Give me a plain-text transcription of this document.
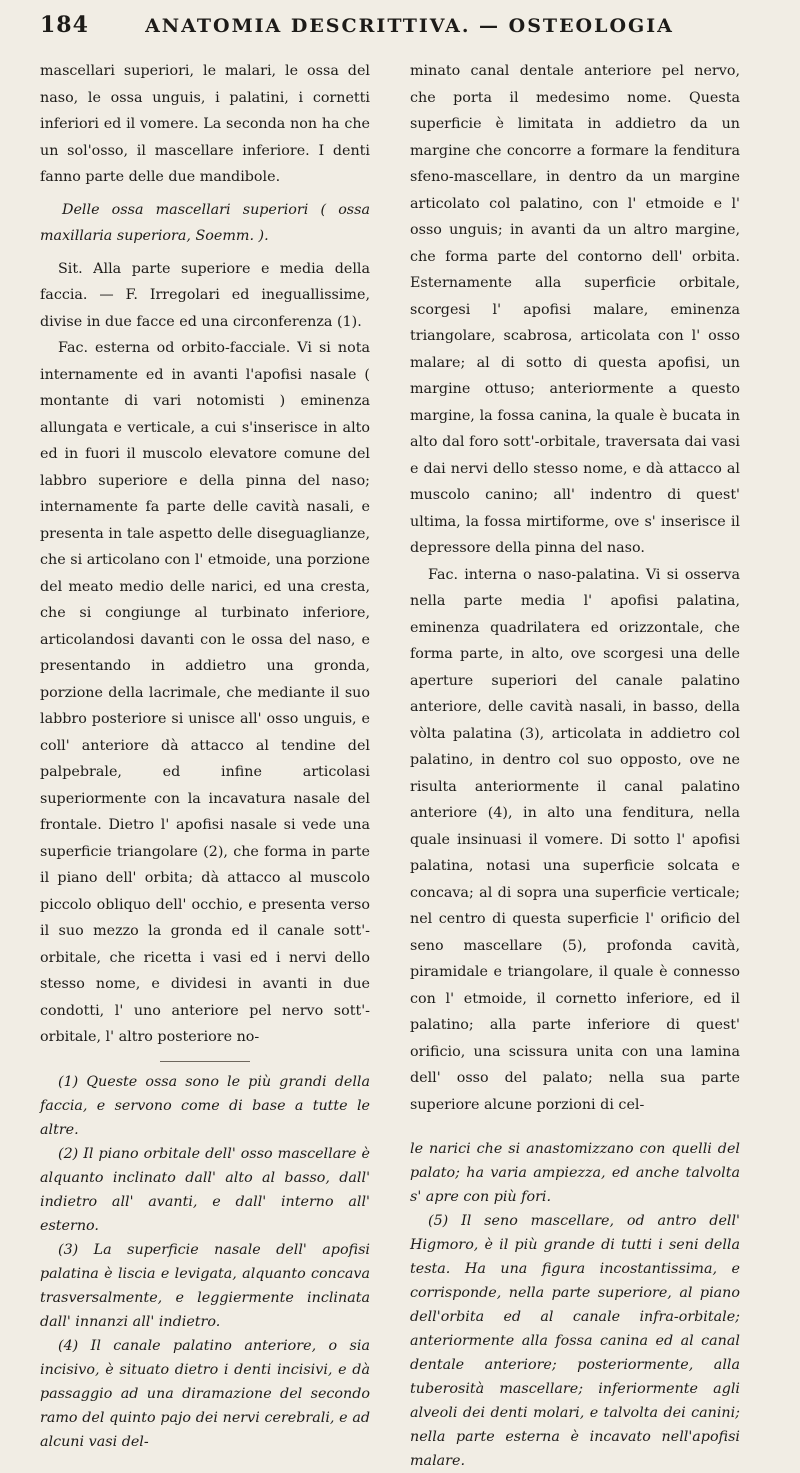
184	ANATOMIA DESCRITTIVA. — OSTEOLOGIA

mascellari superiori, le malari, le ossa del naso, le ossa unguis, i palatini, i cornetti inferiori ed il vomere. La seconda non ha che un sol'osso, il mascellare inferiore. I denti fanno parte delle due mandibole.

Delle ossa mascellari superiori ( ossa maxillaria superiora, Soemm. ).

Sit. Alla parte superiore e media della faccia. — F. Irregolari ed ineguallissime, divise in due facce ed una circonferenza (1).

Fac. esterna od orbito-facciale. Vi si nota internamente ed in avanti l'apofisi nasale ( montante di vari notomisti ) eminenza allungata e verticale, a cui s'inserisce in alto ed in fuori il muscolo elevatore comune del labbro superiore e della pinna del naso; internamente fa parte delle cavità nasali, e presenta in tale aspetto delle diseguaglianze, che si articolano con l' etmoide, una porzione del meato medio delle narici, ed una cresta, che si congiunge al turbinato inferiore, articolandosi davanti con le ossa del naso, e presentando in addietro una gronda, porzione della lacrimale, che mediante il suo labbro posteriore si unisce all' osso unguis, e coll' anteriore dà attacco al tendine del palpebrale, ed infine articolasi superiormente con la incavatura nasale del frontale. Dietro l' apofisi nasale si vede una superficie triangolare (2), che forma in parte il piano dell' orbita; dà attacco al muscolo piccolo obliquo dell' occhio, e presenta verso il suo mezzo la gronda ed il canale sott'-orbitale, che ricetta i vasi ed i nervi dello stesso nome, e dividesi in avanti in due condotti, l' uno anteriore pel nervo sott'-orbitale, l' altro posteriore no-

(1) Queste ossa sono le più grandi della faccia, e servono come di base a tutte le altre.

(2) Il piano orbitale dell' osso mascellare è alquanto inclinato dall' alto al basso, dall' indietro all' avanti, e dall' interno all' esterno.

(3) La superficie nasale dell' apofisi palatina è liscia e levigata, alquanto concava trasversalmente, e leggiermente inclinata dall' innanzi all' indietro.

(4) Il canale palatino anteriore, o sia incisivo, è situato dietro i denti incisivi, e dà passaggio ad una diramazione del secondo ramo del quinto pajo dei nervi cerebrali, e ad alcuni vasi del-

minato canal dentale anteriore pel nervo, che porta il medesimo nome. Questa superficie è limitata in addietro da un margine che concorre a formare la fenditura sfeno-mascellare, in dentro da un margine articolato col palatino, con l' etmoide e l' osso unguis; in avanti da un altro margine, che forma parte del contorno dell' orbita. Esternamente alla superficie orbitale, scorgesi l' apofisi malare, eminenza triangolare, scabrosa, articolata con l' osso malare; al di sotto di questa apofisi, un margine ottuso; anteriormente a questo margine, la fossa canina, la quale è bucata in alto dal foro sott'-orbitale, traversata dai vasi e dai nervi dello stesso nome, e dà attacco al muscolo canino; all' indentro di quest' ultima, la fossa mirtiforme, ove s' inserisce il depressore della pinna del naso.

Fac. interna o naso-palatina. Vi si osserva nella parte media l' apofisi palatina, eminenza quadrilatera ed orizzontale, che forma parte, in alto, ove scorgesi una delle aperture superiori del canale palatino anteriore, delle cavità nasali, in basso, della vòlta palatina (3), articolata in addietro col palatino, in dentro col suo opposto, ove ne risulta anteriormente il canal palatino anteriore (4), in alto una fenditura, nella quale insinuasi il vomere. Di sotto l' apofisi palatina, notasi una superficie solcata e concava; al di sopra una superficie verticale; nel centro di questa superficie l' orificio del seno mascellare (5), profonda cavità, piramidale e triangolare, il quale è connesso con l' etmoide, il cornetto inferiore, ed il palatino; alla parte inferiore di quest' orificio, una scissura unita con una lamina dell' osso del palato; nella sua parte superiore alcune porzioni di cel-

le narici che si anastomizzano con quelli del palato; ha varia ampiezza, ed anche talvolta s' apre con più fori.

(5) Il seno mascellare, od antro dell' Higmoro, è il più grande di tutti i seni della testa. Ha una figura incostantissima, e corrisponde, nella parte superiore, al piano dell'orbita ed al canale infra-orbitale; anteriormente alla fossa canina ed al canal dentale anteriore; posteriormente, alla tuberosità mascellare; inferiormente agli alveoli dei denti molari, e talvolta dei canini; nella parte esterna è incavato nell'apofisi malare.
